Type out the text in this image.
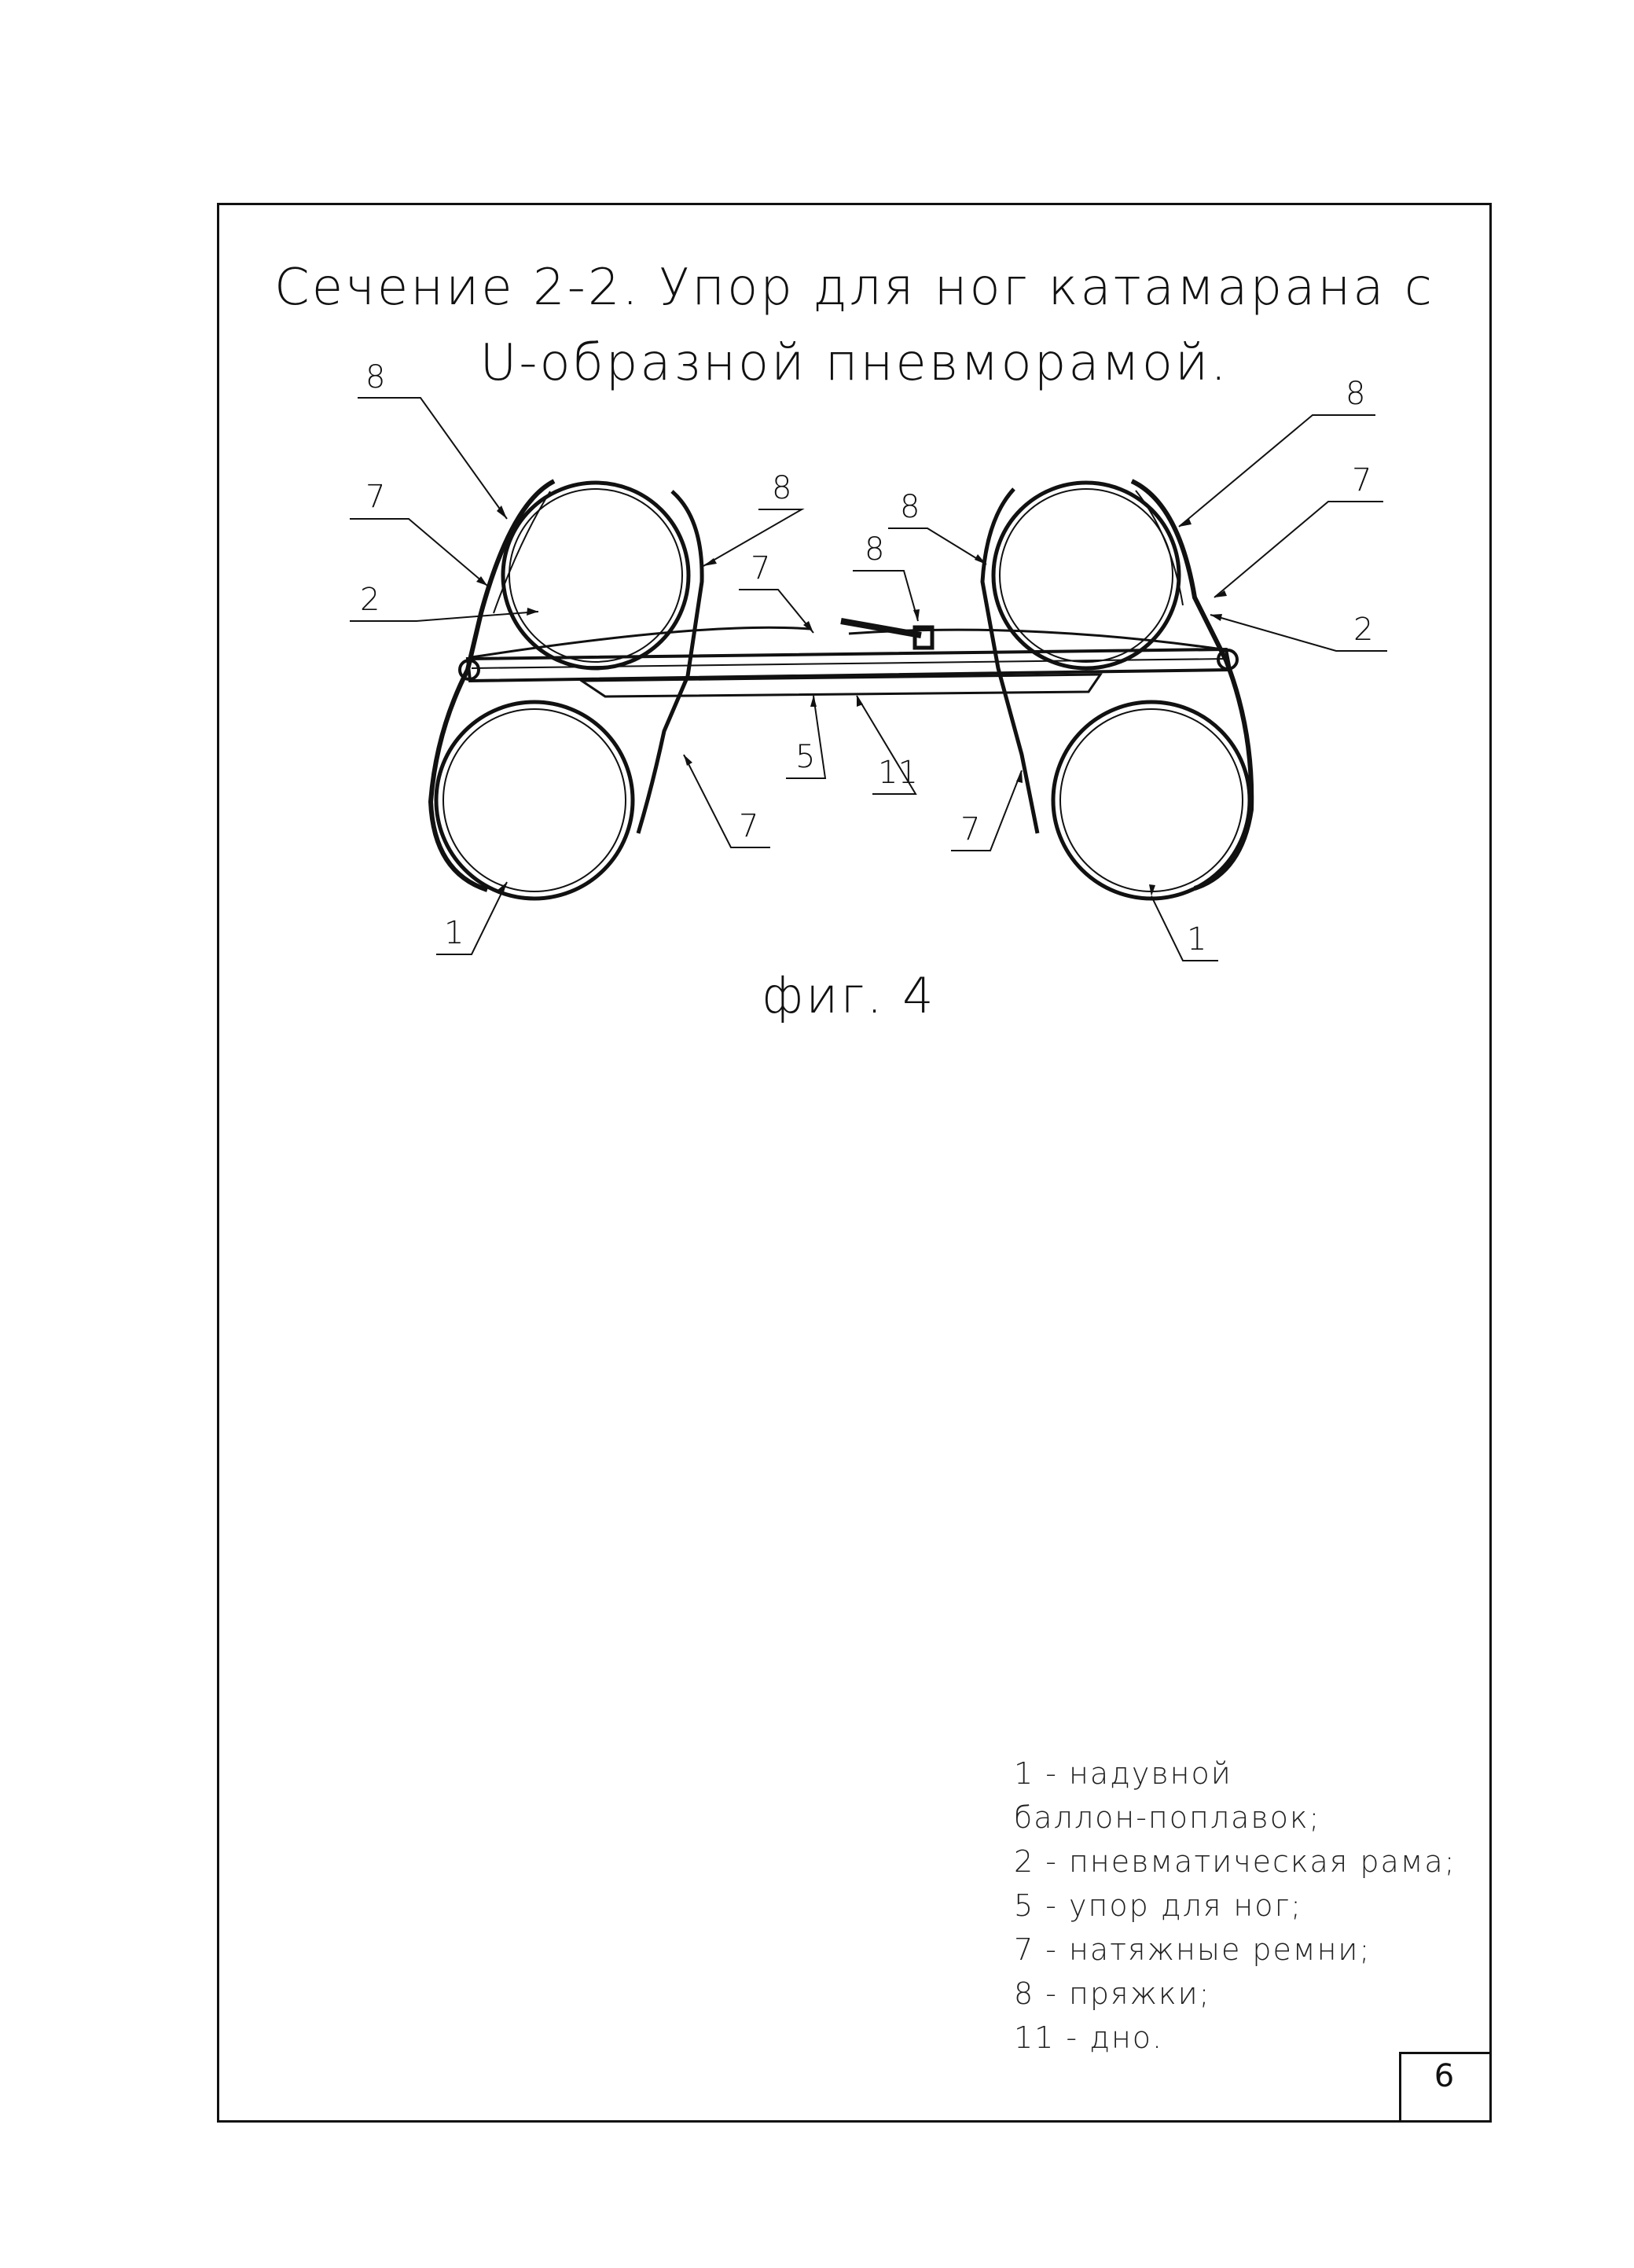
Сечение 2-2. Упор для ног катамарана с
U-образной пневморамой.
8
7
2
1
7
8
7
8
8
5 11
7
8
7
2
1
фиг. 4
1 - надувной
баллон-поплавок;
2 - пневматическая рама;
5 - упор для ног;
7 - натяжные ремни;
8 - пряжки;
11 - дно.
6
